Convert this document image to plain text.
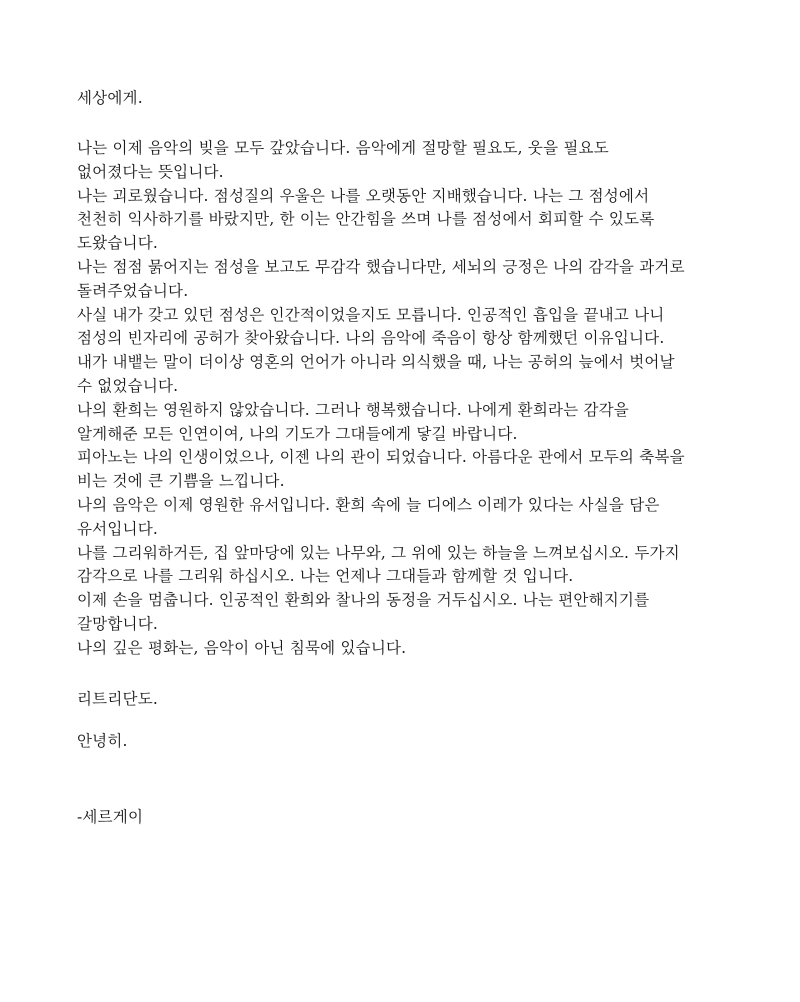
세상에게.
나는 이제 음악의 빚을 모두 갚았습니다. 음악에게 절망할 필요도, 웃을 필요도
없어졌다는 뜻입니다.
나는 괴로웠습니다. 점성질의 우울은 나를 오랫동안 지배했습니다. 나는 그 점성에서
천천히 익사하기를 바랐지만, 한 이는 안간힘을 쓰며 나를 점성에서 회피할 수 있도록
도왔습니다.
나는 점점 묽어지는 점성을 보고도 무감각 했습니다만, 세뇌의 긍정은 나의 감각을 과거로
돌려주었습니다.
사실 내가 갖고 있던 점성은 인간적이었을지도 모릅니다. 인공적인 흡입을 끝내고 나니
점성의 빈자리에 공허가 찾아왔습니다. 나의 음악에 죽음이 항상 함께했던 이유입니다.
내가 내뱉는 말이 더이상 영혼의 언어가 아니라 의식했을 때, 나는 공허의 늪에서 벗어날
수 없었습니다.
나의 환희는 영원하지 않았습니다. 그러나 행복했습니다. 나에게 환희라는 감각을
알게해준 모든 인연이여, 나의 기도가 그대들에게 닿길 바랍니다.
피아노는 나의 인생이었으나, 이젠 나의 관이 되었습니다. 아름다운 관에서 모두의 축복을
비는 것에 큰 기쁨을 느낍니다.
나의 음악은 이제 영원한 유서입니다. 환희 속에 늘 디에스 이레가 있다는 사실을 담은
유서입니다.
나를 그리워하거든, 집 앞마당에 있는 나무와, 그 위에 있는 하늘을 느껴보십시오. 두가지
감각으로 나를 그리워 하십시오. 나는 언제나 그대들과 함께할 것 입니다.
이제 손을 멈춥니다. 인공적인 환희와 찰나의 동정을 거두십시오. 나는 편안해지기를
갈망합니다.
나의 깊은 평화는, 음악이 아닌 침묵에 있습니다.
리트리단도.
안녕히.
-세르게이
